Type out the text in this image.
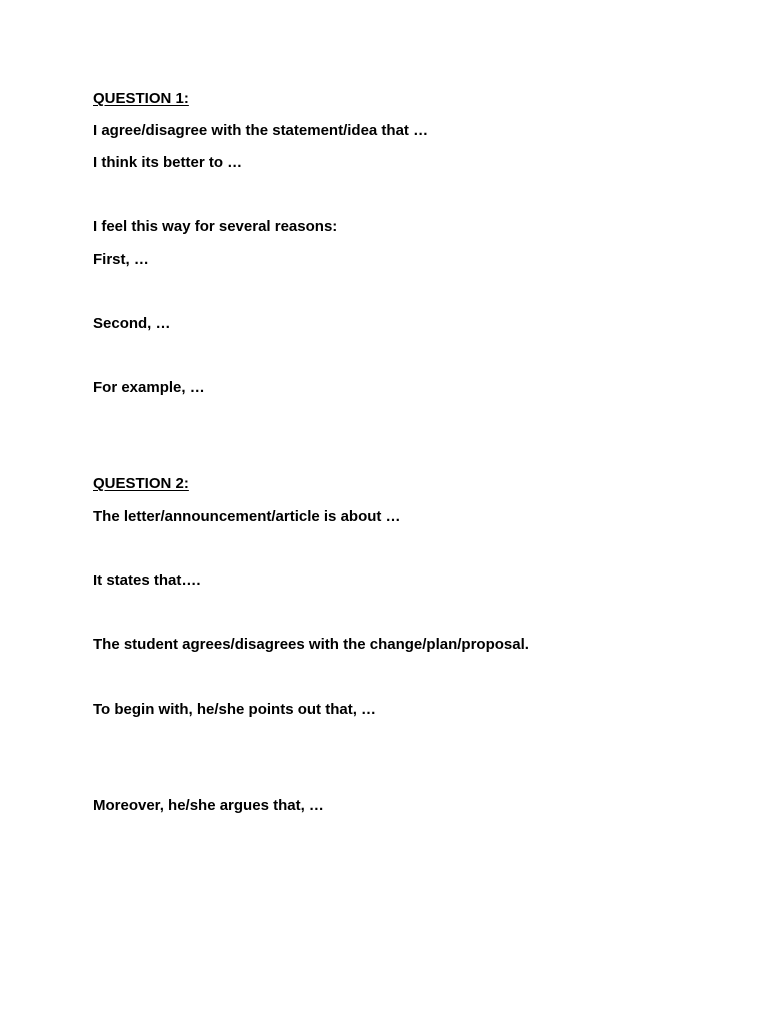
QUESTION 1:
I agree/disagree with the statement/idea that …
I think its better to …
I feel this way for several reasons:
First, …
Second, …
For example, …
QUESTION 2:
The letter/announcement/article is about …
It states that….
The student agrees/disagrees with the change/plan/proposal.
To begin with, he/she points out that, …
Moreover, he/she argues that, …
